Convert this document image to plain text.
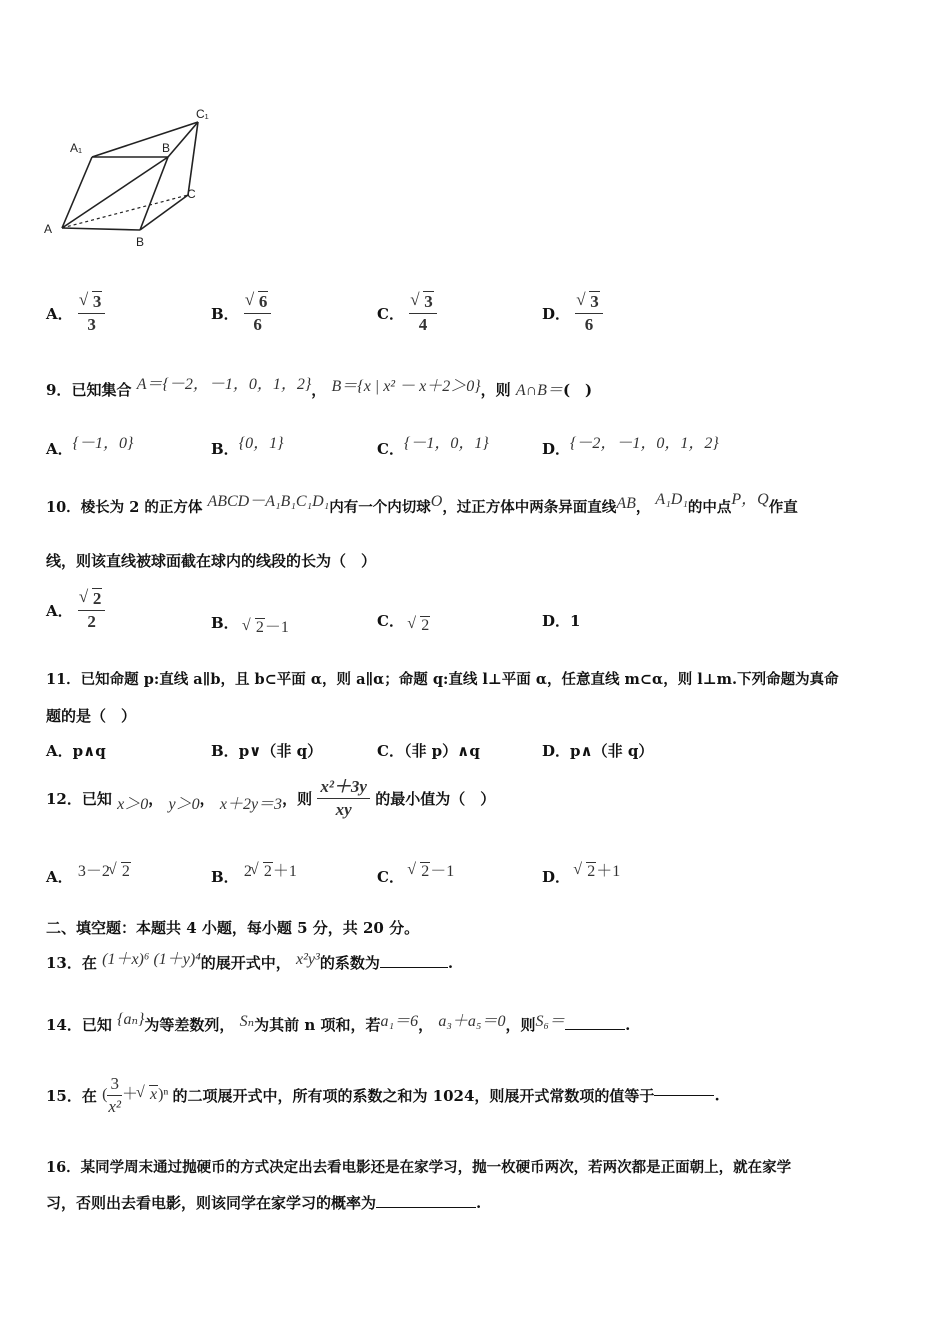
A₁	B
C₁
C
A
B
A． √ $\frac{3}{3}$	B． √ $\frac{6}{6}$	C． √ $\frac{3}{4}$	D． √ $\frac{3}{6}$
9．已知集合 A＝{－2，－1，0，1，2}， B＝{x | x² － x＋2＞0}，则 A∩B＝(　)
A．{－1，0}	B．{0，1}	C．{－1，0，1}	D．{－2，－1，0，1，2}
10．棱长为 2 的正方体 ABCD－A₁B₁C₁D₁内有一个内切球O，过正方体中两条异面直线AB， A₁D₁的中点P，Q作直
线，则该直线被球面截在球内的线段的长为（　）
A． √ $\frac{2}{2}$	B． √ 2－1	C． √ 2	D．1
11．已知命题 p:直线 a∥b，且 b⊂平面 α，则 a∥α；命题 q:直线 l⊥平面 α，任意直线 m⊂α，则 l⊥m.下列命题为真命
题的是（　）
A．p∧q	B．p∨（非 q）	C．（非 p）∧q	D．p∧（非 q）
12．已知 x＞0， y＞0， x＋2y＝3，则 $\frac{\text{x²＋3y}}{xy}$ 的最小值为（　）
A． 3－2 √ 2	B． 2 √ 2＋1	C． √ 2－1	D． √ 2＋1
二、填空题：本题共 4 小题，每小题 5 分，共 20 分。
13．在 (1＋x)⁶ (1＋y)⁴的展开式中， x²y³的系数为	.
14．已知 {aₙ}为等差数列， Sₙ为其前 n 项和，若a₁＝6， a₃＋a₅＝0，则S₆＝	.
15．在 ( $\frac{3}{\text{x²}}$ ＋ √ x)ⁿ 的二项展开式中，所有项的系数之和为 1024，则展开式常数项的值等于	.
16．某同学周末通过抛硬币的方式决定出去看电影还是在家学习，抛一枚硬币两次，若两次都是正面朝上，就在家学
习，否则出去看电影，则该同学在家学习的概率为	.
